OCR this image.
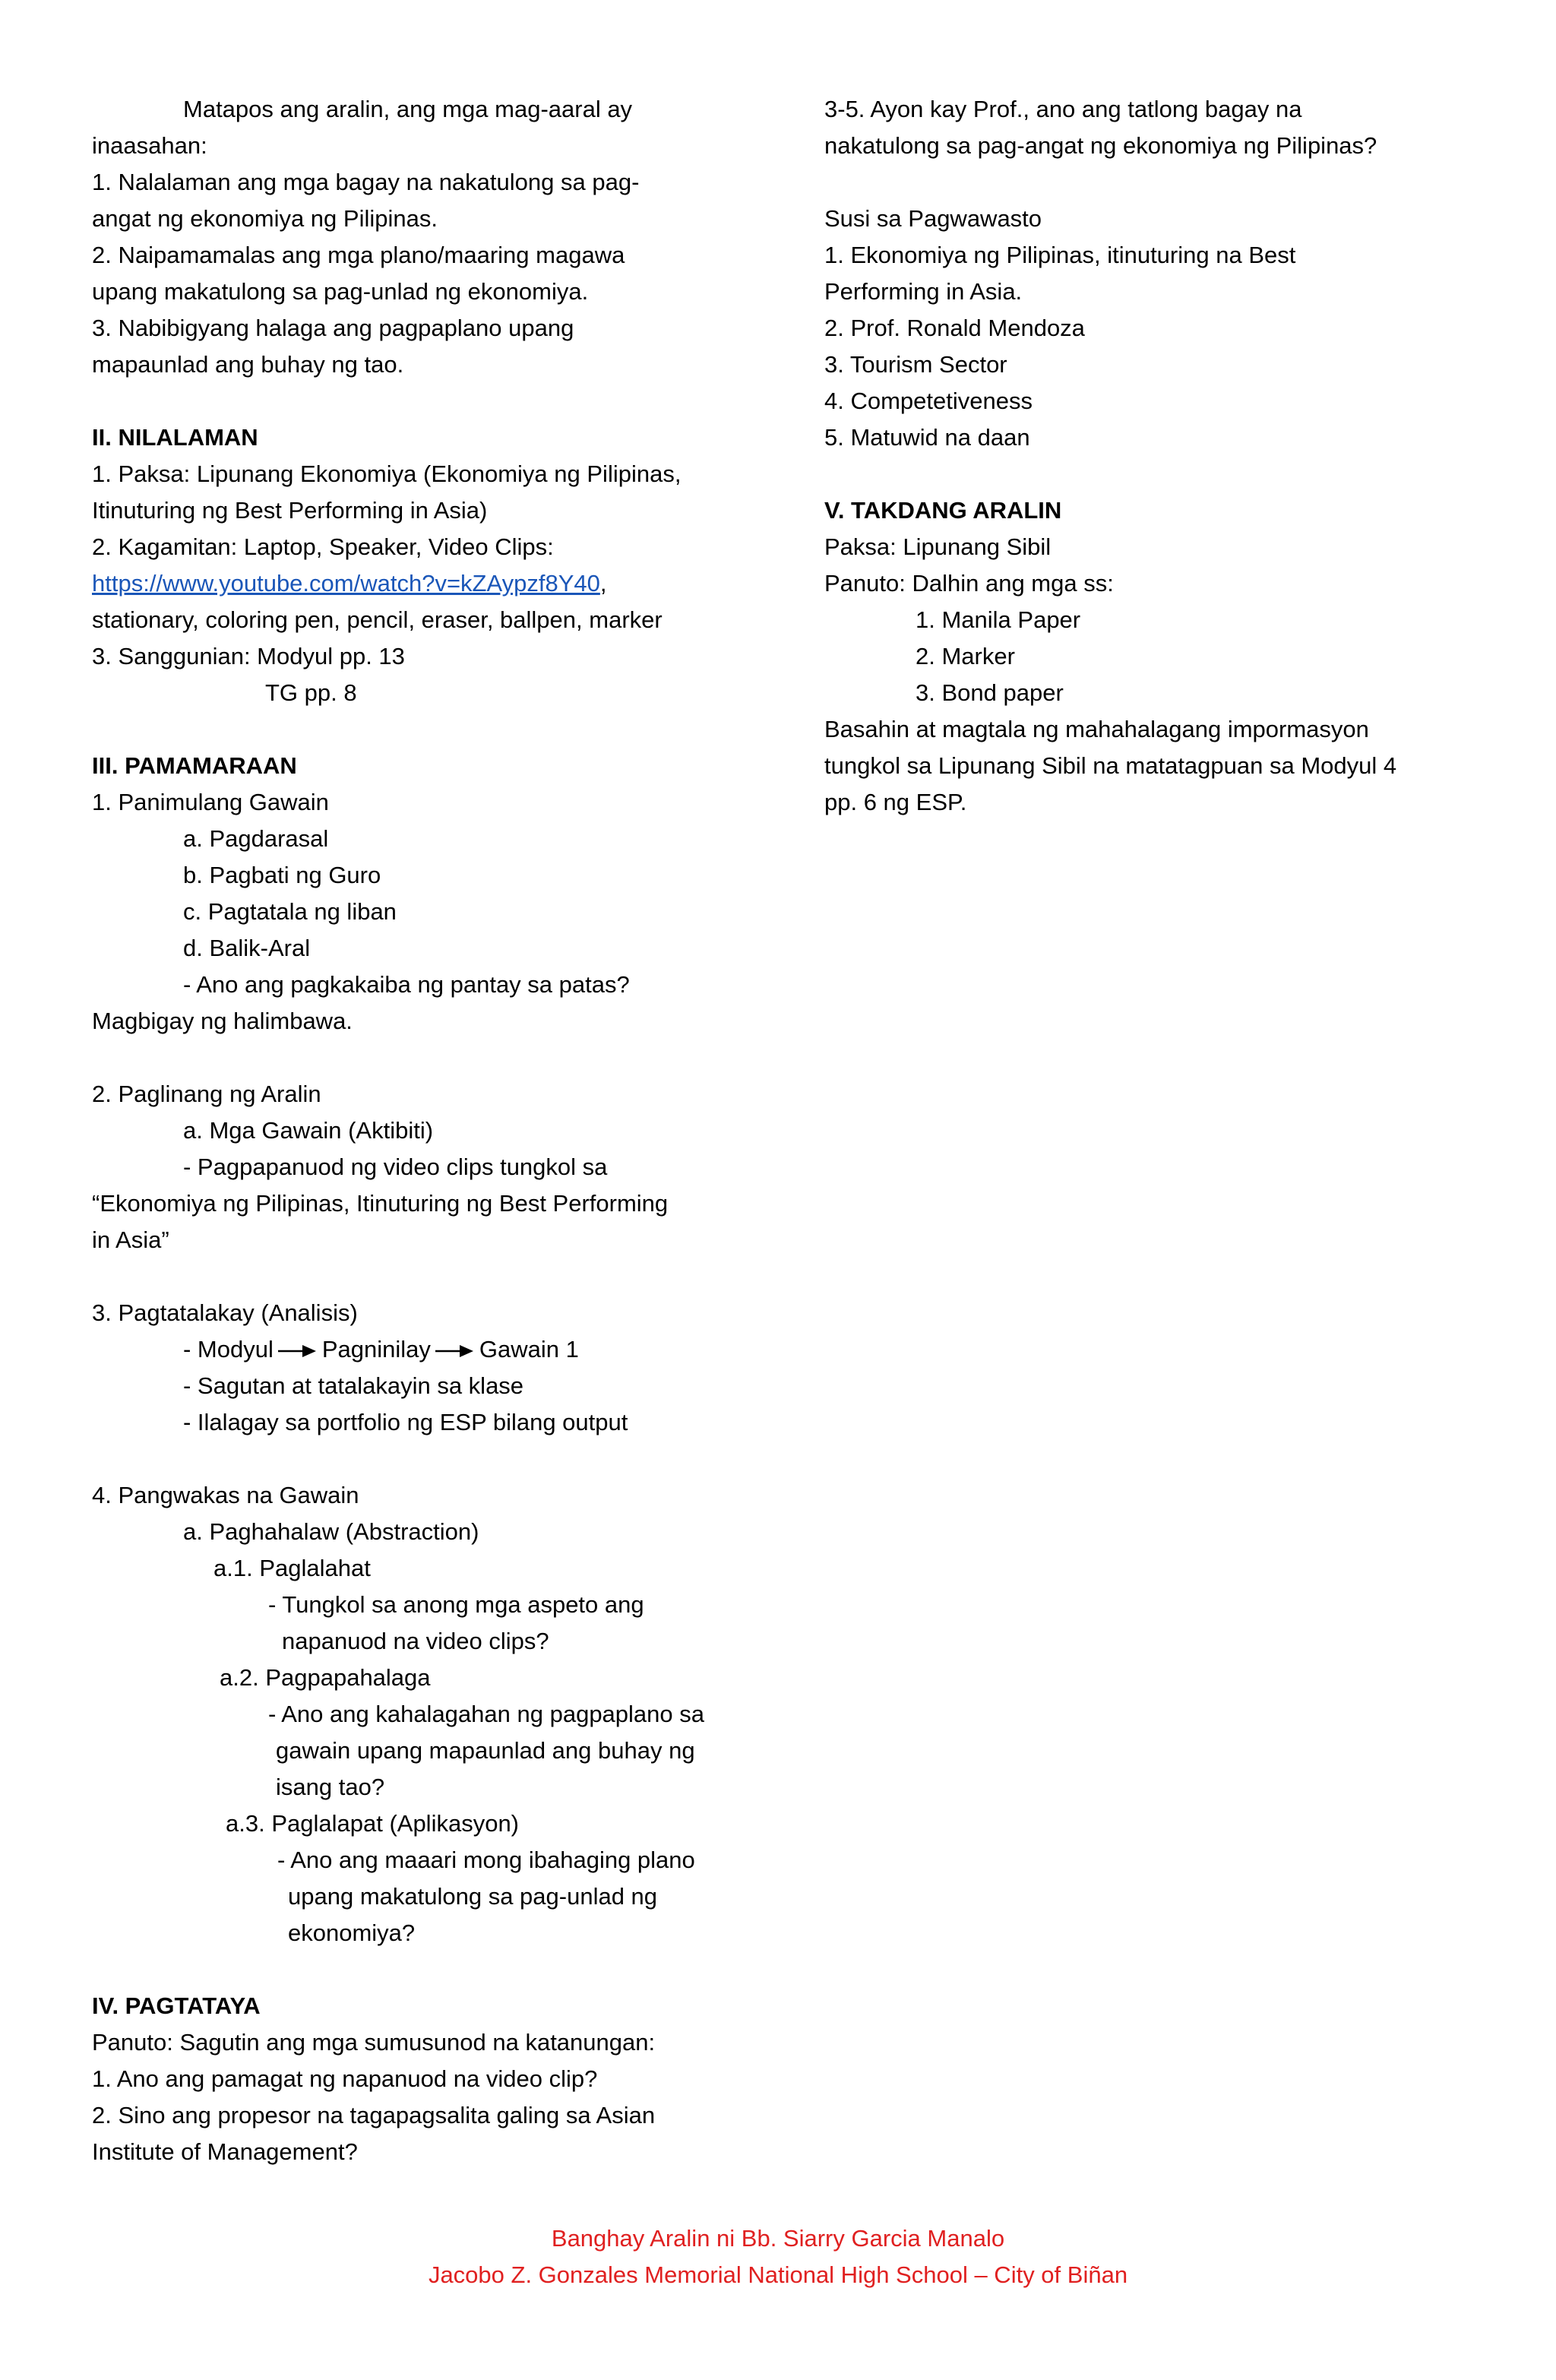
Matapos ang aralin, ang mga mag-aaral ay
inaasahan:
1. Nalalaman ang mga bagay na nakatulong sa pag-
angat ng ekonomiya ng Pilipinas.
2. Naipamamalas ang mga plano/maaring magawa
upang makatulong sa pag-unlad ng ekonomiya.
3. Nabibigyang halaga ang pagpaplano upang
mapaunlad ang buhay ng tao.
II. NILALAMAN
1. Paksa: Lipunang Ekonomiya (Ekonomiya ng Pilipinas,
Itinuturing ng Best Performing in Asia)
2. Kagamitan: Laptop, Speaker, Video Clips:
https://www.youtube.com/watch?v=kZAypzf8Y40,
stationary, coloring pen, pencil, eraser, ballpen, marker
3. Sanggunian: Modyul pp. 13
TG pp. 8
III. PAMAMARAAN
1. Panimulang Gawain
a. Pagdarasal
b. Pagbati ng Guro
c. Pagtatala ng liban
d. Balik-Aral
- Ano ang pagkakaiba ng pantay sa patas?
Magbigay ng halimbawa.
2. Paglinang ng Aralin
a. Mga Gawain (Aktibiti)
- Pagpapanuod ng video clips tungkol sa
“Ekonomiya ng Pilipinas, Itinuturing ng Best Performing
in Asia”
3. Pagtatalakay (Analisis)
- Modyul Pagninilay Gawain 1
- Sagutan at tatalakayin sa klase
- Ilalagay sa portfolio ng ESP bilang output
4. Pangwakas na Gawain
a. Paghahalaw (Abstraction)
a.1. Paglalahat
- Tungkol sa anong mga aspeto ang
napanuod na video clips?
a.2. Pagpapahalaga
- Ano ang kahalagahan ng pagpaplano sa
gawain upang mapaunlad ang buhay ng
isang tao?
a.3. Paglalapat (Aplikasyon)
- Ano ang maaari mong ibahaging plano
upang makatulong sa pag-unlad ng
ekonomiya?
IV. PAGTATAYA
Panuto: Sagutin ang mga sumusunod na katanungan:
1. Ano ang pamagat ng napanuod na video clip?
2. Sino ang propesor na tagapagsalita galing sa Asian
Institute of Management?
3-5. Ayon kay Prof., ano ang tatlong bagay na
nakatulong sa pag-angat ng ekonomiya ng Pilipinas?
Susi sa Pagwawasto
1. Ekonomiya ng Pilipinas, itinuturing na Best
Performing in Asia.
2. Prof. Ronald Mendoza
3. Tourism Sector
4. Competetiveness
5. Matuwid na daan
V. TAKDANG ARALIN
Paksa: Lipunang Sibil
Panuto: Dalhin ang mga ss:
1. Manila Paper
2. Marker
3. Bond paper
Basahin at magtala ng mahahalagang impormasyon
tungkol sa Lipunang Sibil na matatagpuan sa Modyul 4
pp. 6 ng ESP.
Banghay Aralin ni Bb. Siarry Garcia Manalo
Jacobo Z. Gonzales Memorial National High School – City of Biñan
